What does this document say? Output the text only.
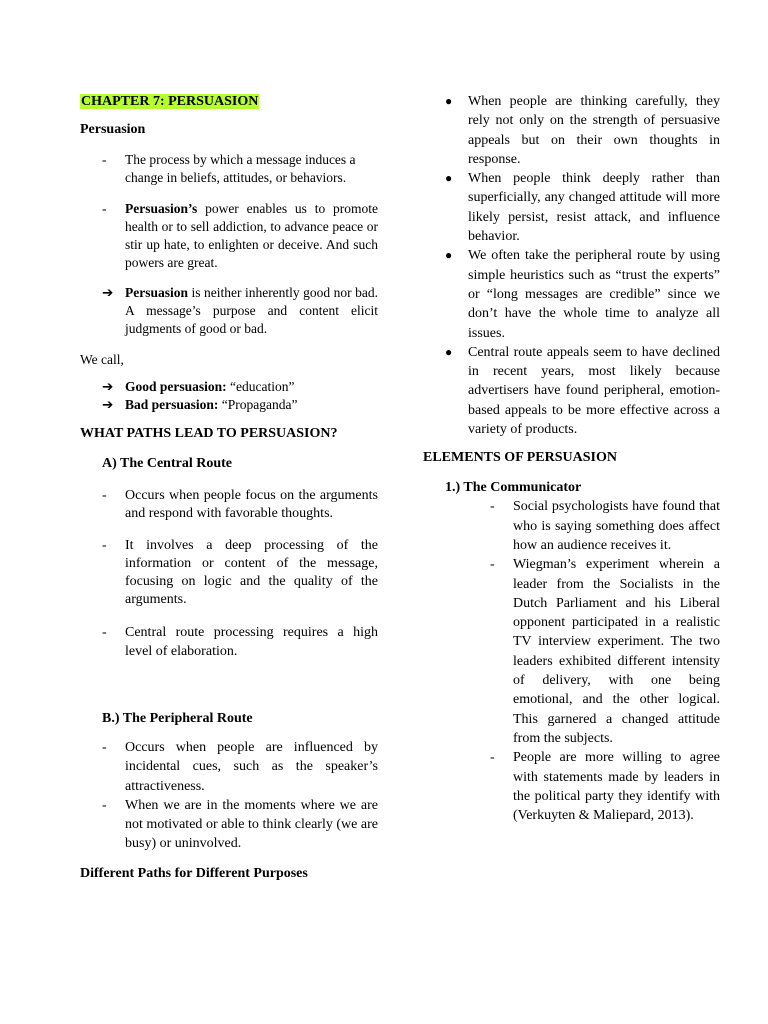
CHAPTER 7: PERSUASION
Persuasion
-	The process by which a message induces a change in beliefs, attitudes, or behaviors.
-	Persuasion’s power enables us to promote health or to sell addiction, to advance peace or stir up hate, to enlighten or deceive. And such powers are great.
➔ Persuasion is neither inherently good nor bad. A message’s purpose and content elicit judgments of good or bad.
We call,
➔ Good persuasion: “education”
➔ Bad persuasion: “Propaganda”
WHAT PATHS LEAD TO PERSUASION?
A) The Central Route
-	Occurs when people focus on the arguments and respond with favorable thoughts.
-	It involves a deep processing of the information or content of the message, focusing on logic and the quality of the arguments.
-	Central route processing requires a high level of elaboration.
B.) The Peripheral Route
-	Occurs when people are influenced by incidental cues, such as the speaker’s attractiveness.
-	When we are in the moments where we are not motivated or able to think clearly (we are busy) or uninvolved.
Different Paths for Different Purposes
●	When people are thinking carefully, they rely not only on the strength of persuasive appeals but on their own thoughts in response.
●	When people think deeply rather than superficially, any changed attitude will more likely persist, resist attack, and influence behavior.
●	We often take the peripheral route by using simple heuristics such as “trust the experts” or “long messages are credible” since we don’t have the whole time to analyze all issues.
●	Central route appeals seem to have declined in recent years, most likely because advertisers have found peripheral, emotion-based appeals to be more effective across a variety of products.
ELEMENTS OF PERSUASION
1.) The Communicator
-	Social psychologists have found that who is saying something does affect how an audience receives it.
-	Wiegman’s experiment wherein a leader from the Socialists in the Dutch Parliament and his Liberal opponent participated in a realistic TV interview experiment. The two leaders exhibited different intensity of delivery, with one being emotional, and the other logical. This garnered a changed attitude from the subjects.
-	People are more willing to agree with statements made by leaders in the political party they identify with (Verkuyten & Maliepard, 2013).
